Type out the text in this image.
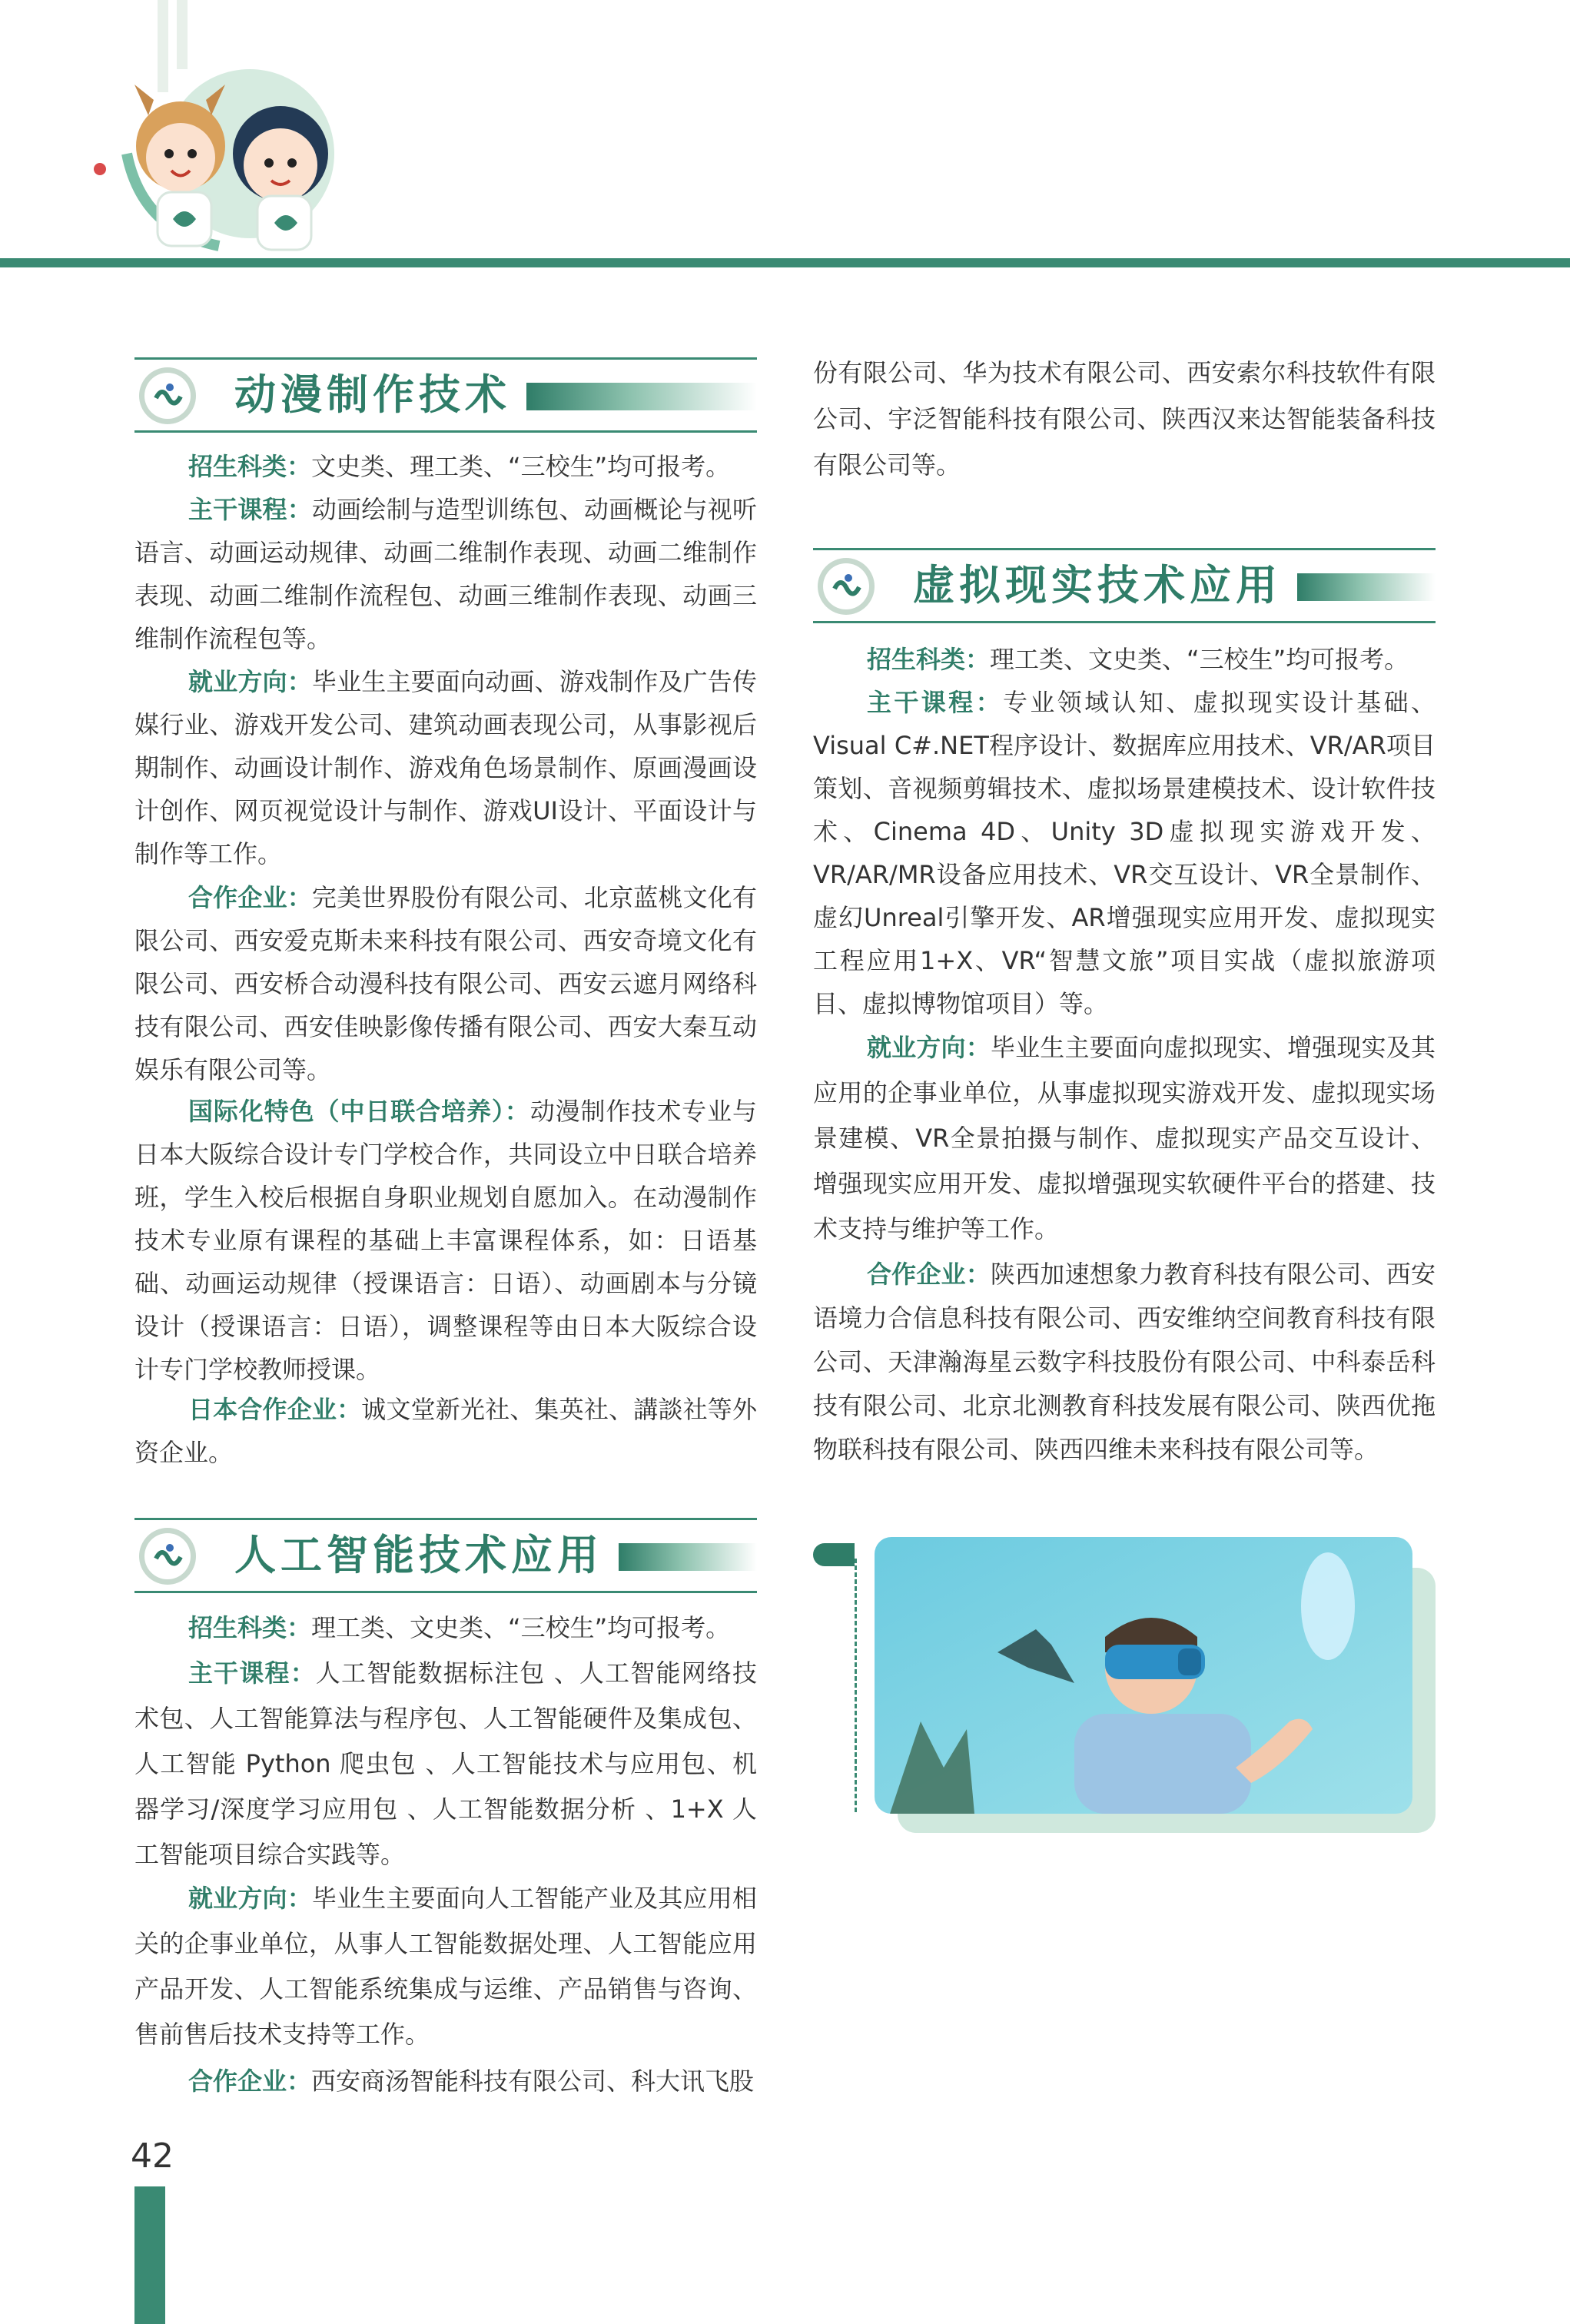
动漫制作技术

招生科类：文史类、理工类、“三校生”均可报考。

主干课程：动画绘制与造型训练包、动画概论与视听语言、动画运动规律、动画二维制作表现、动画二维制作表现、动画二维制作流程包、动画三维制作表现、动画三维制作流程包等。

就业方向：毕业生主要面向动画、游戏制作及广告传媒行业、游戏开发公司、建筑动画表现公司，从事影视后期制作、动画设计制作、游戏角色场景制作、原画漫画设计创作、网页视觉设计与制作、游戏UI设计、平面设计与制作等工作。

合作企业：完美世界股份有限公司、北京蓝桃文化有限公司、西安爱克斯未来科技有限公司、西安奇境文化有限公司、西安桥合动漫科技有限公司、西安云遮月网络科技有限公司、西安佳映影像传播有限公司、西安大秦互动娱乐有限公司等。

国际化特色（中日联合培养）：动漫制作技术专业与日本大阪综合设计专门学校合作，共同设立中日联合培养班，学生入校后根据自身职业规划自愿加入。在动漫制作技术专业原有课程的基础上丰富课程体系，如：日语基础、动画运动规律（授课语言：日语）、动画剧本与分镜设计（授课语言：日语），调整课程等由日本大阪综合设计专门学校教师授课。

日本合作企业：诚文堂新光社、集英社、講談社等外资企业。

人工智能技术应用

招生科类：理工类、文史类、“三校生”均可报考。

主干课程：人工智能数据标注包 、人工智能网络技术包、人工智能算法与程序包、人工智能硬件及集成包、人工智能 Python 爬虫包 、人工智能技术与应用包、机器学习/深度学习应用包 、人工智能数据分析 、1+X 人工智能项目综合实践等。

就业方向：毕业生主要面向人工智能产业及其应用相关的企事业单位，从事人工智能数据处理、人工智能应用产品开发、人工智能系统集成与运维、产品销售与咨询、售前售后技术支持等工作。

合作企业：西安商汤智能科技有限公司、科大讯飞股

42

份有限公司、华为技术有限公司、西安索尔科技软件有限公司、宇泛智能科技有限公司、陕西汉来达智能装备科技有限公司等。

虚拟现实技术应用

招生科类：理工类、文史类、“三校生”均可报考。

主干课程：专业领域认知、虚拟现实设计基础、Visual C#.NET程序设计、数据库应用技术、VR/AR项目策划、音视频剪辑技术、虚拟场景建模技术、设计软件技术、Cinema 4D、Unity 3D虚拟现实游戏开发、VR/AR/MR设备应用技术、VR交互设计、VR全景制作、虚幻Unreal引擎开发、AR增强现实应用开发、虚拟现实工程应用1+X、VR“智慧文旅”项目实战（虚拟旅游项目、虚拟博物馆项目）等。

就业方向：毕业生主要面向虚拟现实、增强现实及其应用的企事业单位，从事虚拟现实游戏开发、虚拟现实场景建模、VR全景拍摄与制作、虚拟现实产品交互设计、增强现实应用开发、虚拟增强现实软硬件平台的搭建、技术支持与维护等工作。

合作企业：陕西加速想象力教育科技有限公司、西安语境力合信息科技有限公司、西安维纳空间教育科技有限公司、天津瀚海星云数字科技股份有限公司、中科泰岳科技有限公司、北京北测教育科技发展有限公司、陕西优拖物联科技有限公司、陕西四维未来科技有限公司等。
